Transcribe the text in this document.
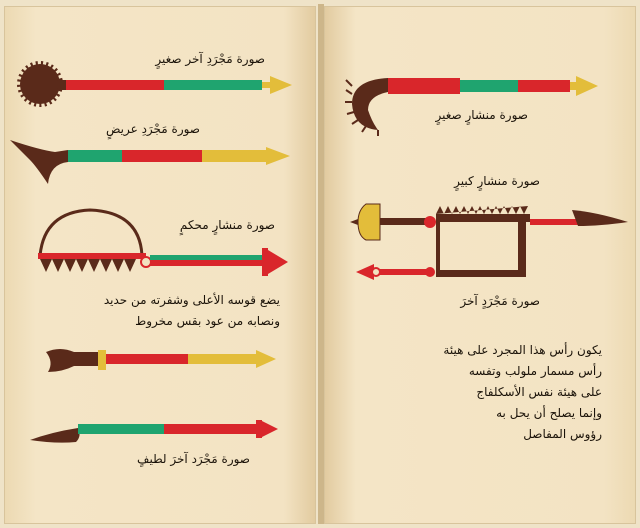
صورة مَجْرَدِ آخر صغيرٍ
صورة مَجْرَدِ عريضٍ
صورة منشارٍ محكمٍ
يضع قوسه الأعلى وشفرته من حديد
ونصابه من عود بقس مخروط
صورة مَجْرَد آخرَ لطيفٍ
صورة منشارٍ صغيرٍ
صورة منشارٍ كبيرٍ
صورة مَجْرَدٍ آخرَ
يكون رأس هذا المجرد على هيئة
رأس مسمار ملولب وتفسه
على هيئة نفس الأسكلفاج
وإنما يصلح أن يحل به
رؤوس المفاصل
